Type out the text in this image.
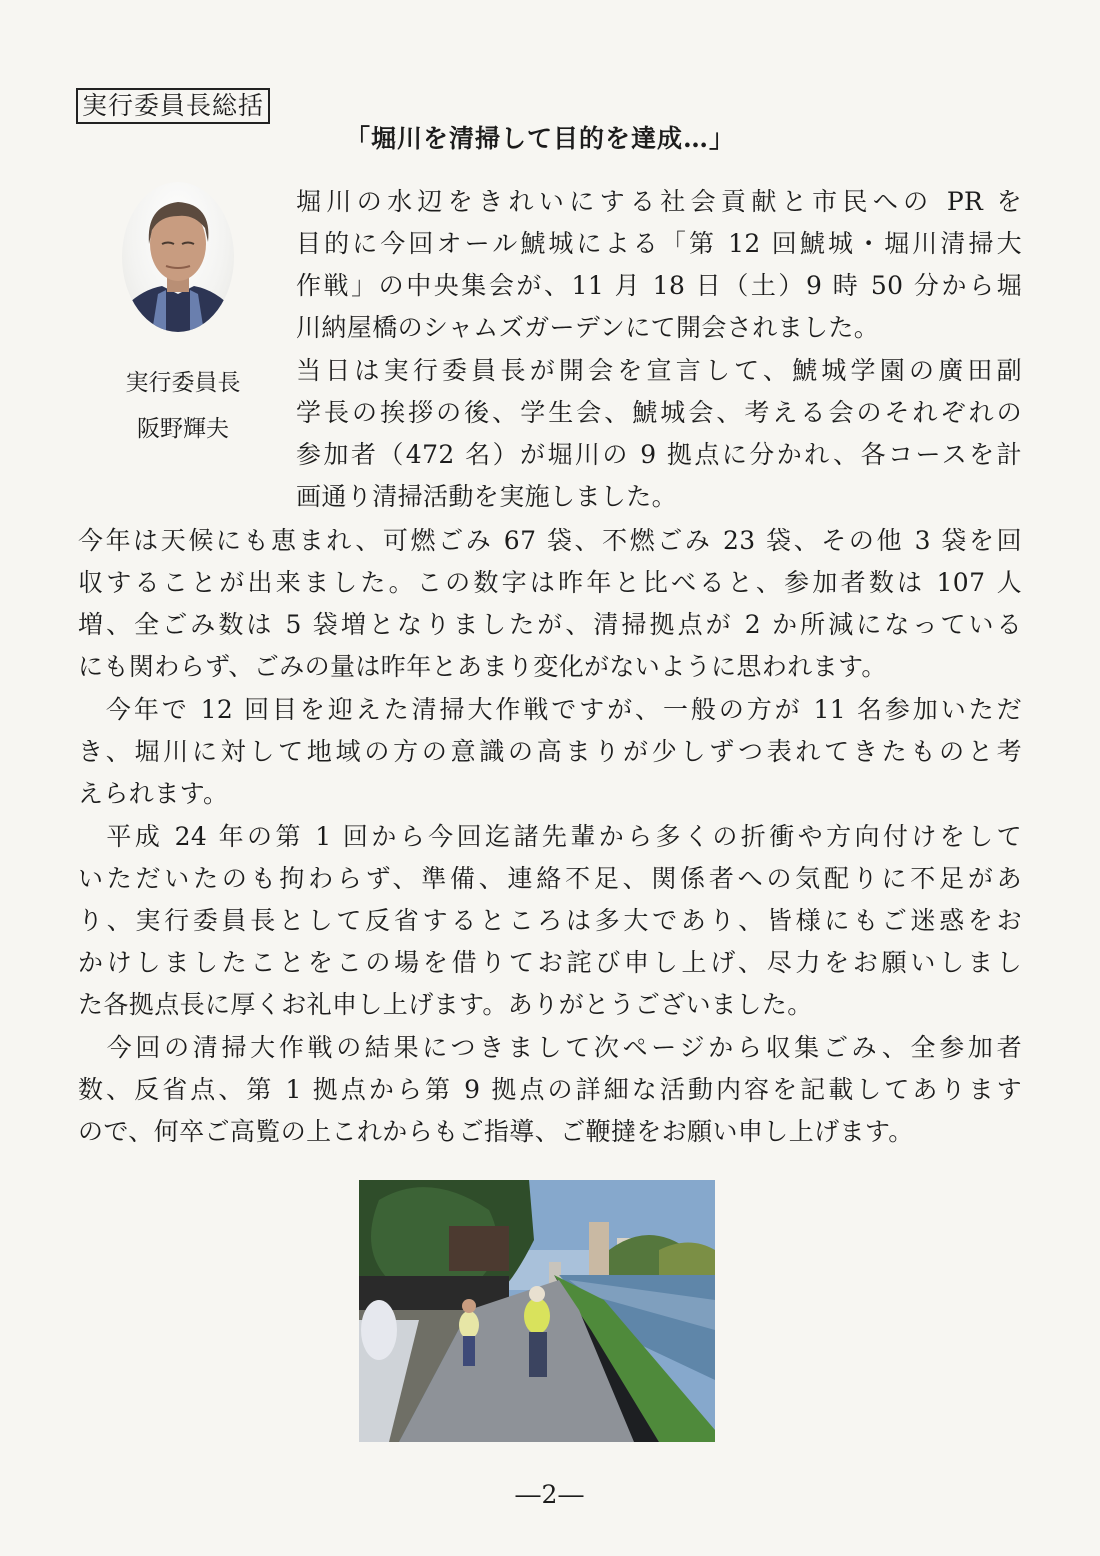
実行委員長総括
「堀川を清掃して目的を達成…」
実行委員長
阪野輝夫
堀川の水辺をきれいにする社会貢献と市民への PR を
目的に今回オール鯱城による「第 12 回鯱城・堀川清掃大
作戦」の中央集会が、11 月 18 日（土）9 時 50 分から堀
川納屋橋のシャムズガーデンにて開会されました。
当日は実行委員長が開会を宣言して、鯱城学園の廣田副
学長の挨拶の後、学生会、鯱城会、考える会のそれぞれの
参加者（472 名）が堀川の 9 拠点に分かれ、各コースを計
画通り清掃活動を実施しました。
今年は天候にも恵まれ、可燃ごみ 67 袋、不燃ごみ 23 袋、その他 3 袋を回
収することが出来ました。この数字は昨年と比べると、参加者数は 107 人
増、全ごみ数は 5 袋増となりましたが、清掃拠点が 2 か所減になっている
にも関わらず、ごみの量は昨年とあまり変化がないように思われます。
　今年で 12 回目を迎えた清掃大作戦ですが、一般の方が 11 名参加いただ
き、堀川に対して地域の方の意識の高まりが少しずつ表れてきたものと考
えられます。
　平成 24 年の第 1 回から今回迄諸先輩から多くの折衝や方向付けをして
いただいたのも拘わらず、準備、連絡不足、関係者への気配りに不足があ
り、実行委員長として反省するところは多大であり、皆様にもご迷惑をお
かけしましたことをこの場を借りてお詫び申し上げ、尽力をお願いしまし
た各拠点長に厚くお礼申し上げます。ありがとうございました。
　今回の清掃大作戦の結果につきまして次ページから収集ごみ、全参加者
数、反省点、第 1 拠点から第 9 拠点の詳細な活動内容を記載してあります
ので、何卒ご高覧の上これからもご指導、ご鞭撻をお願い申し上げます。
―2―
